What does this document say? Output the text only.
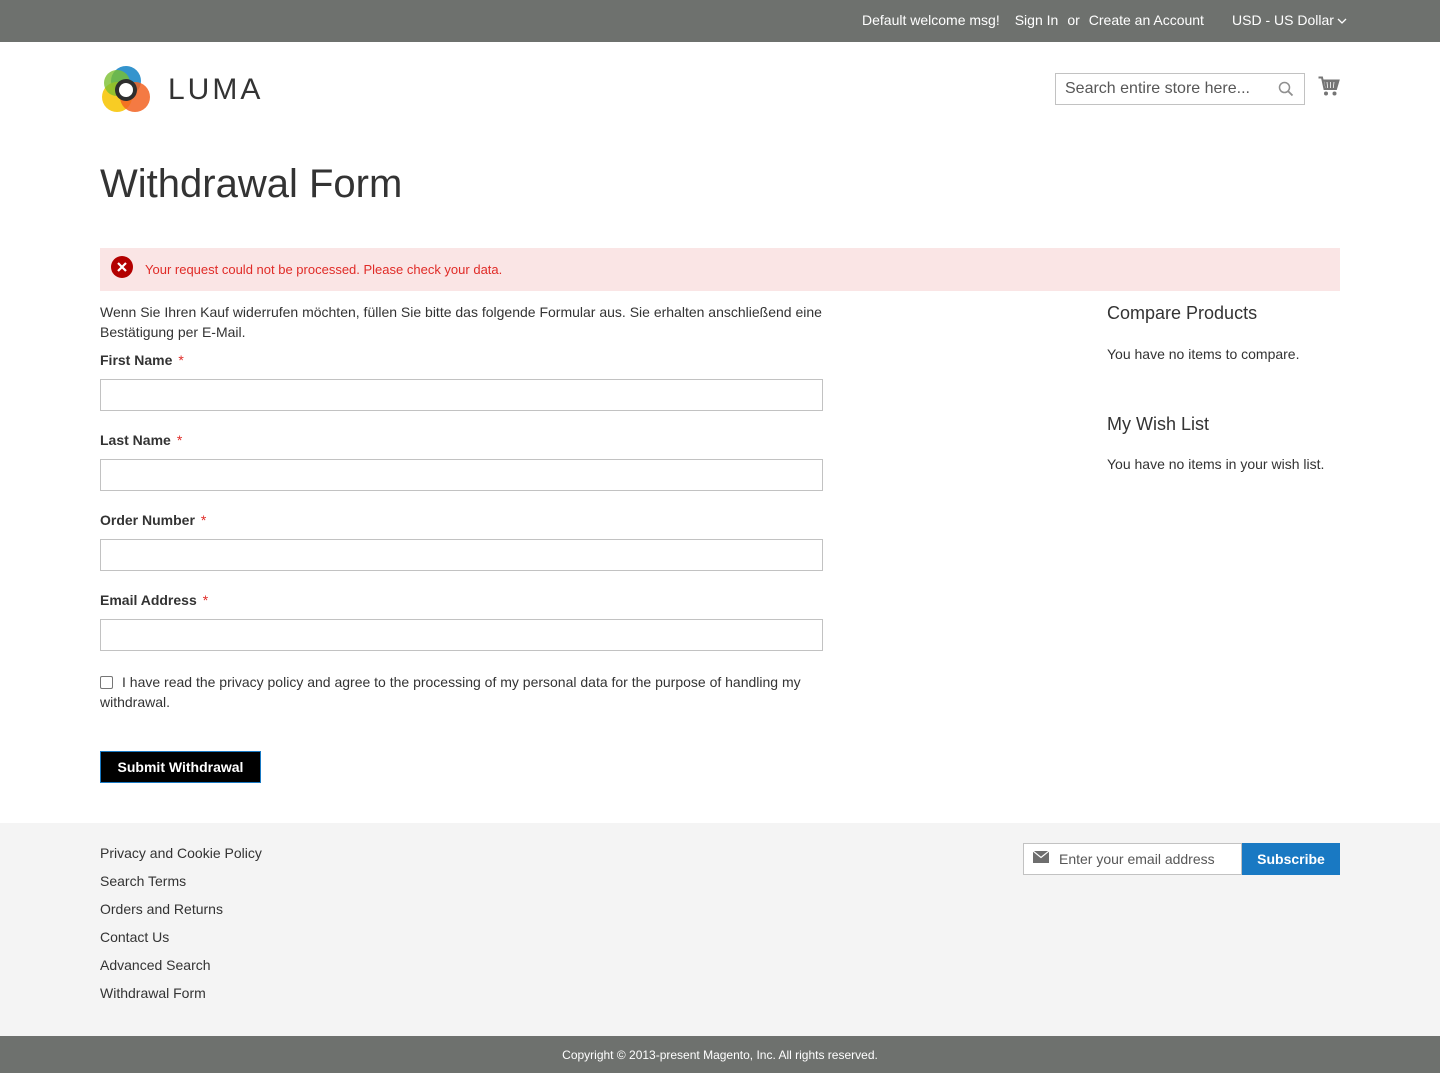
Default welcome msg! Sign In or Create an Account USD - US Dollar
LUMA
Search entire store here...
Withdrawal Form
Your request could not be processed. Please check your data.

Wenn Sie Ihren Kauf widerrufen möchten, füllen Sie bitte das folgende Formular aus. Sie erhalten anschließend eine Bestätigung per E-Mail.

First Name *
Last Name *
Order Number *
Email Address *
I have read the privacy policy and agree to the processing of my personal data for the purpose of handling my withdrawal.
Submit Withdrawal
Compare Products
You have no items to compare.
My Wish List
You have no items in your wish list.
Privacy and Cookie Policy
Search Terms
Orders and Returns
Contact Us
Advanced Search
Withdrawal Form
Enter your email address
Subscribe
Copyright © 2013-present Magento, Inc. All rights reserved.
